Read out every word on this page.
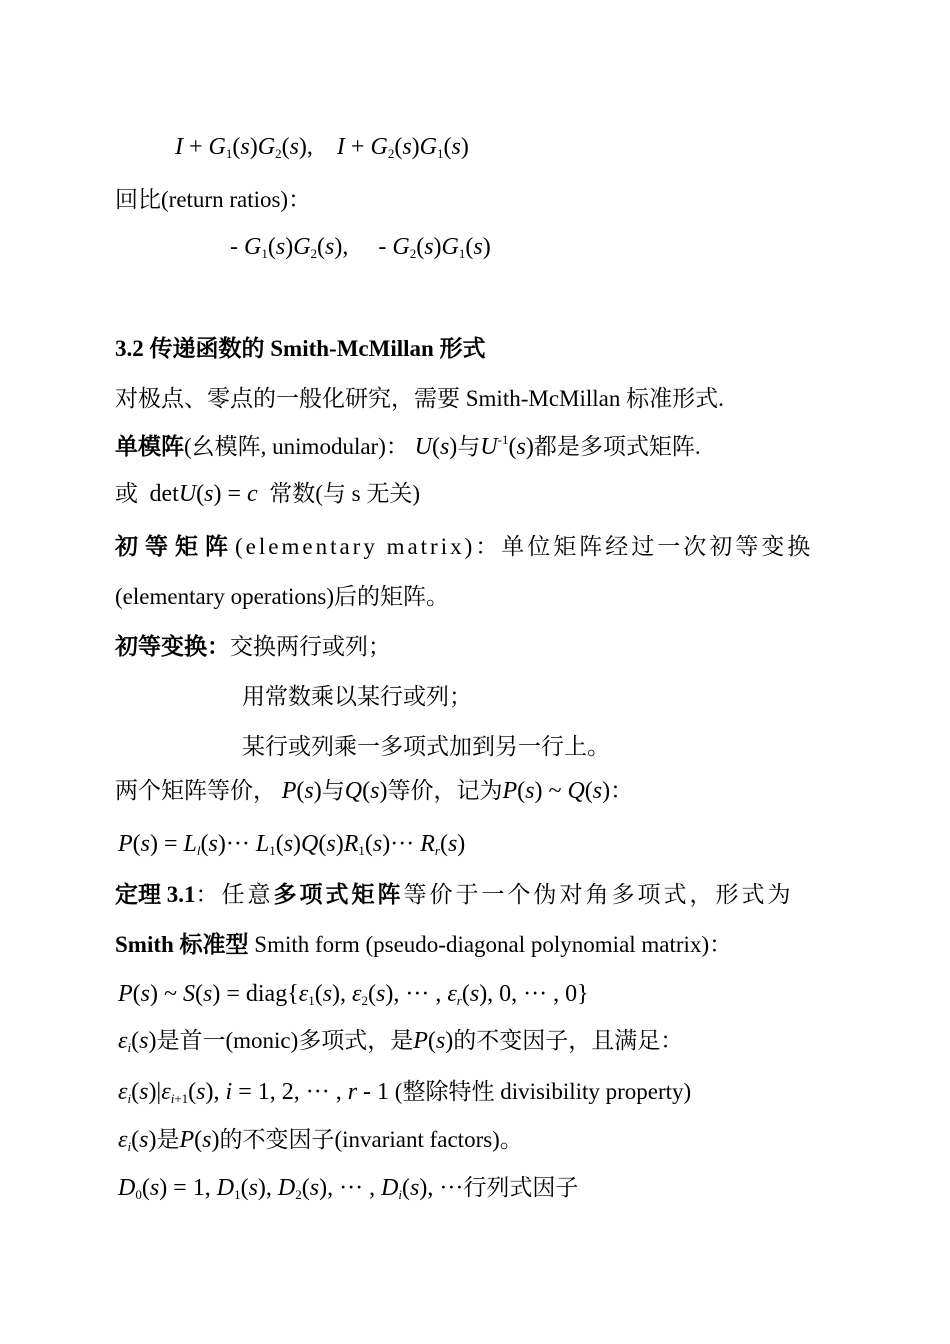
$I + G_1(s)G_2(s)$,    $I + G_2(s)G_1(s)$
回比(return ratios)：
- $G_1(s)G_2(s)$,     - $G_2(s)G_1(s)$
3.2 传递函数的 Smith-McMillan 形式
对极点、零点的一般化研究，需要 Smith-McMillan 标准形式.
单模阵(幺模阵, unimodular)： U(s)与$U^{-1}(s)$都是多项式矩阵.
或 detU(s) = c 常数(与 s 无关)
初等矩阵(elementary matrix)：单位矩阵经过一次初等变换
(elementary operations)后的矩阵。
初等变换：交换两行或列；
用常数乘以某行或列；
某行或列乘一多项式加到另一行上。
两个矩阵等价， P(s)与Q(s)等价，记为P(s) ~ Q(s)：
$P(s) = L_l(s)\cdot\cdot\cdot L_1(s)Q(s)R_1(s)\cdot\cdot\cdot R_r(s)$
定理 3.1：任意多项式矩阵等价于一个伪对角多项式，形式为
Smith 标准型 Smith form (pseudo-diagonal polynomial matrix)：
P(s) ~ $S(s) = diag\{\varepsilon_1(s)$, $\varepsilon_2(s)$, ··· , $\varepsilon_r(s)$, 0, ··· , 0}
$\varepsilon_i(s)$是首一(monic)多项式，是P(s)的不变因子，且满足：
$\varepsilon_i(s)|\varepsilon_{i+1}(s)$, i = 1, 2, ··· , r - 1 (整除特性 divisibility property)
$\varepsilon_i(s)$是P(s)的不变因子(invariant factors)。
$D_0(s) = 1$, $D_1(s)$, $D_2(s)$, ··· , $D_i(s)$, ···行列式因子
